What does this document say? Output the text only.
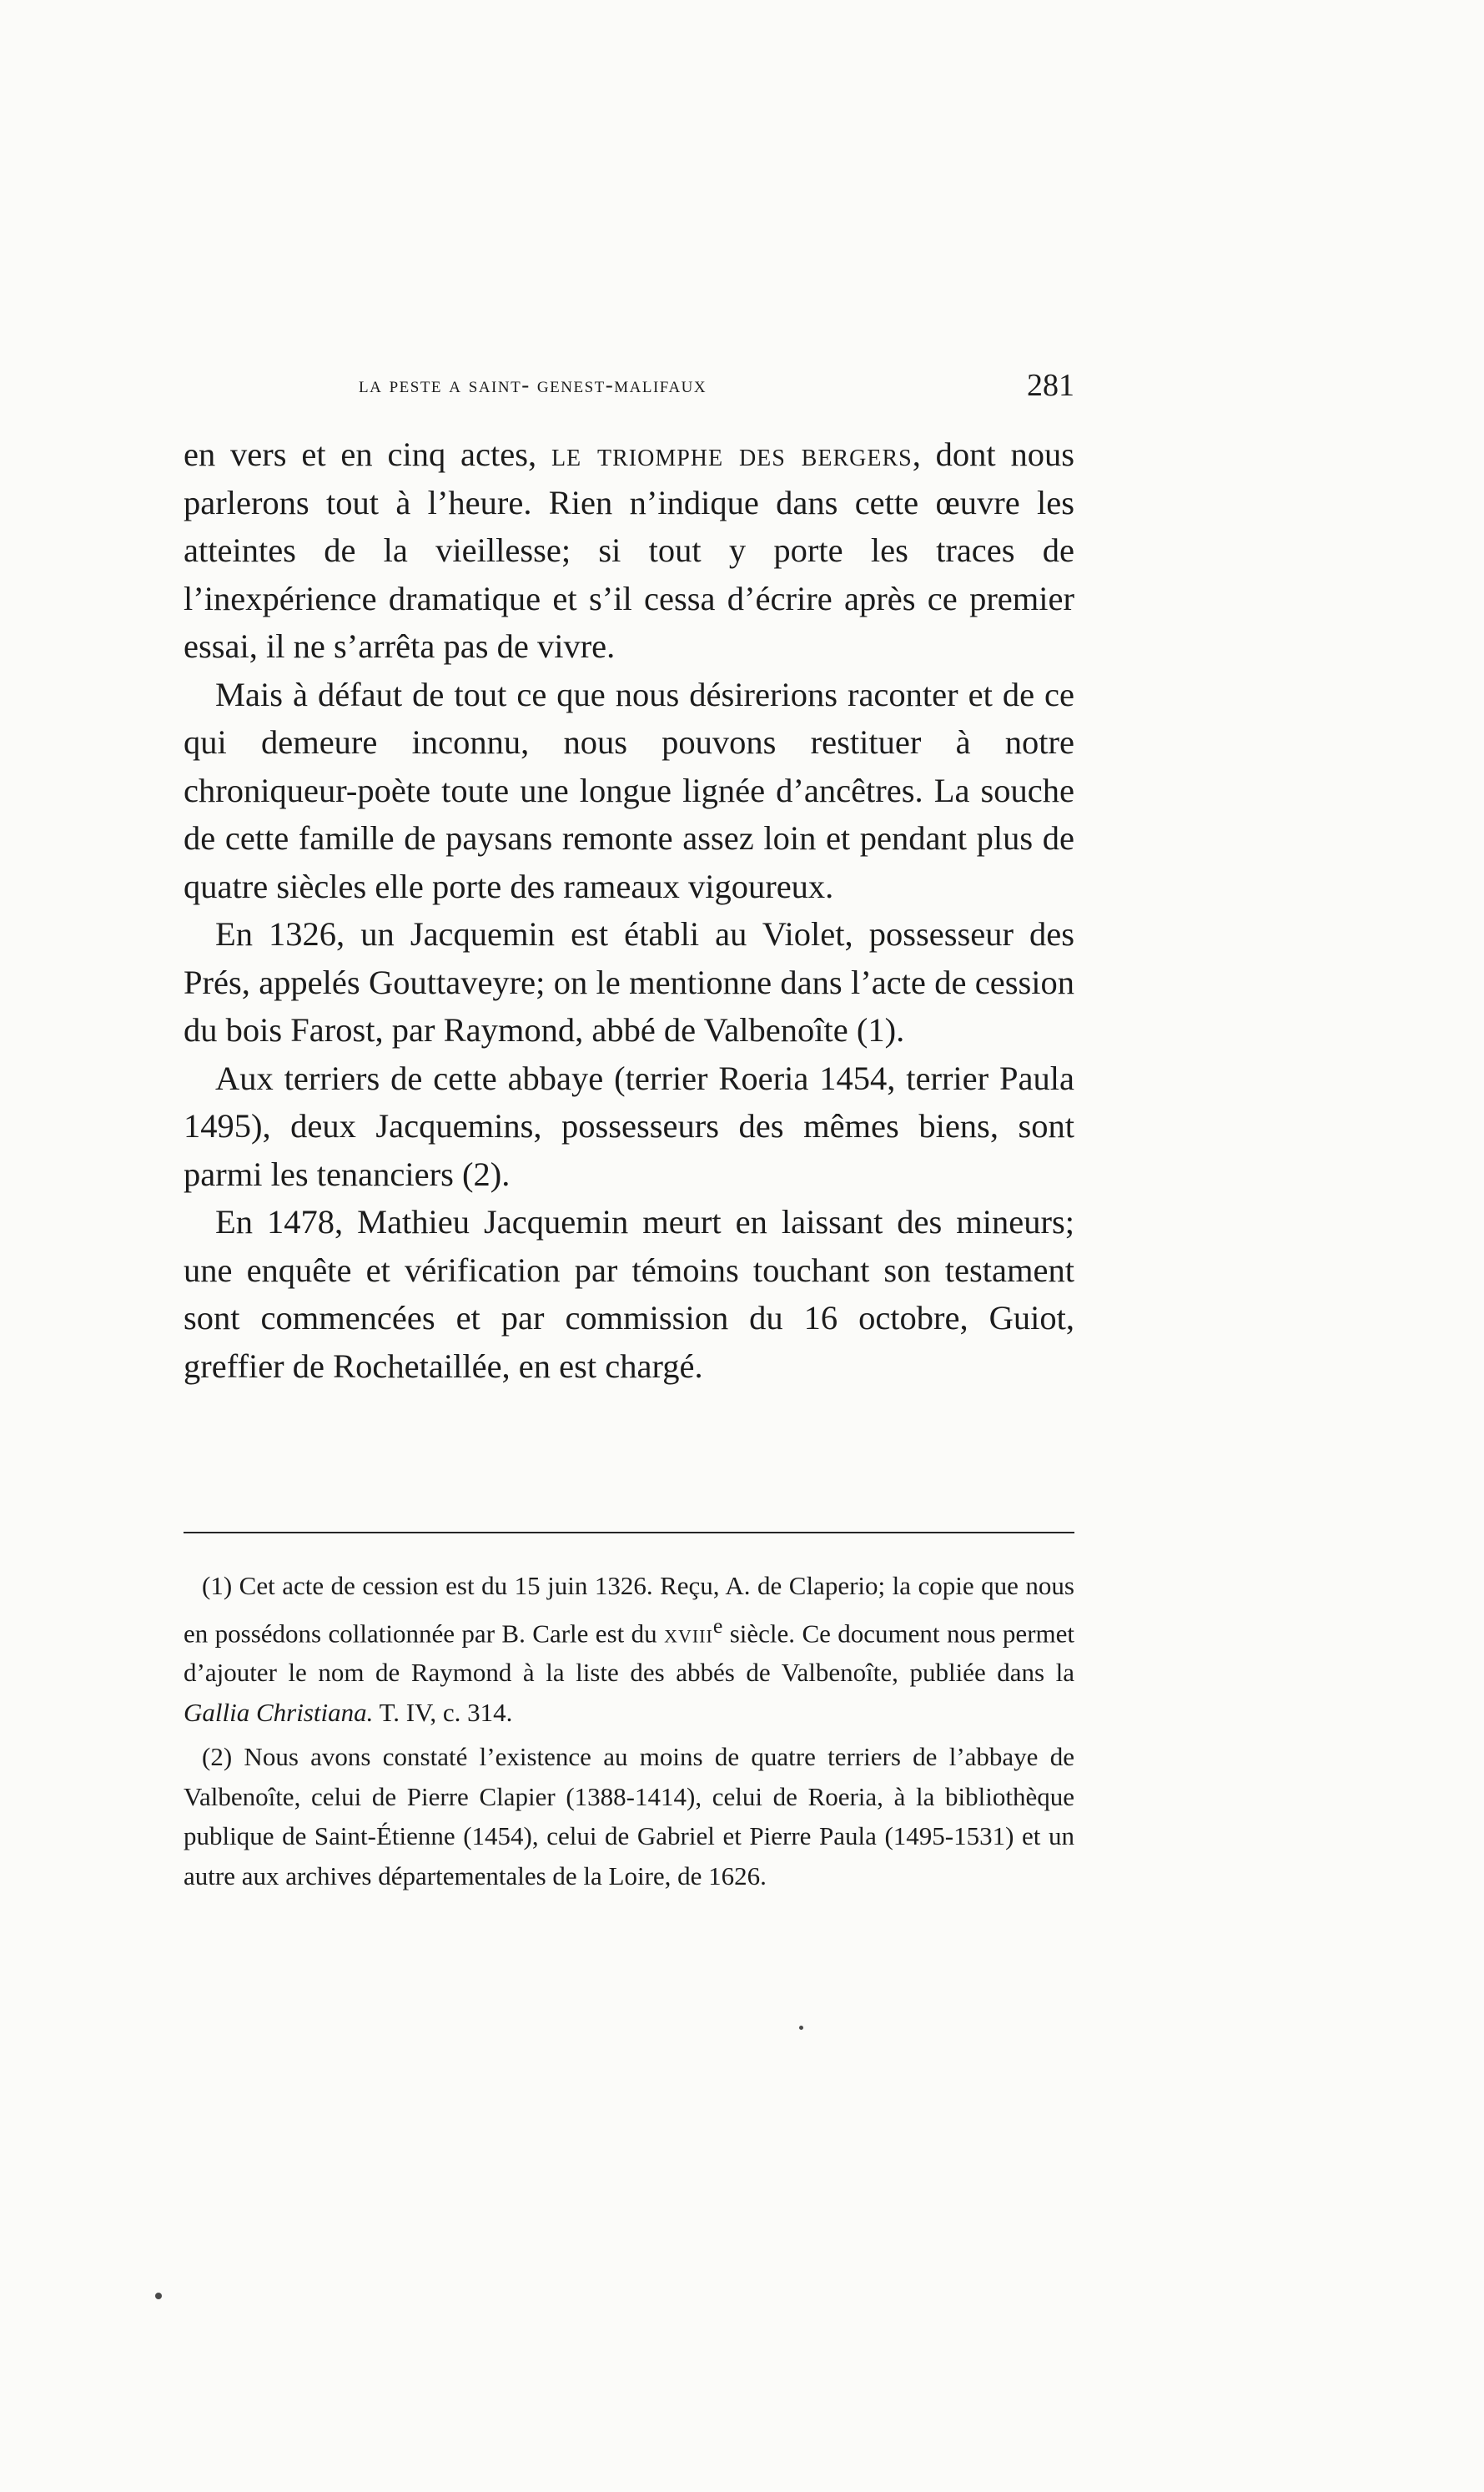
la peste a saint- genest-malifaux	281

en vers et en cinq actes, le triomphe des bergers, dont nous parlerons tout à l’heure. Rien n’indique dans cette œuvre les atteintes de la vieillesse; si tout y porte les traces de l’inexpérience dramatique et s’il cessa d’écrire après ce premier essai, il ne s’arrêta pas de vivre.

Mais à défaut de tout ce que nous désirerions raconter et de ce qui demeure inconnu, nous pouvons restituer à notre chroniqueur-poète toute une longue lignée d’ancêtres. La souche de cette famille de paysans remonte assez loin et pendant plus de quatre siècles elle porte des rameaux vigoureux.

En 1326, un Jacquemin est établi au Violet, possesseur des Prés, appelés Gouttaveyre; on le mentionne dans l’acte de cession du bois Farost, par Raymond, abbé de Valbenoîte (1).

Aux terriers de cette abbaye (terrier Roeria 1454, terrier Paula 1495), deux Jacquemins, possesseurs des mêmes biens, sont parmi les tenanciers (2).

En 1478, Mathieu Jacquemin meurt en laissant des mineurs; une enquête et vérification par témoins touchant son testament sont commencées et par commission du 16 octobre, Guiot, greffier de Rochetaillée, en est chargé.

(1) Cet acte de cession est du 15 juin 1326. Reçu, A. de Claperio; la copie que nous en possédons collationnée par B. Carle est du xviii$^e$ siècle. Ce document nous permet d’ajouter le nom de Raymond à la liste des abbés de Valbenoîte, publiée dans la Gallia Christiana. T. IV, c. 314.

(2) Nous avons constaté l’existence au moins de quatre terriers de l’abbaye de Valbenoîte, celui de Pierre Clapier (1388-1414), celui de Roeria, à la bibliothèque publique de Saint-Étienne (1454), celui de Gabriel et Pierre Paula (1495-1531) et un autre aux archives départementales de la Loire, de 1626.
